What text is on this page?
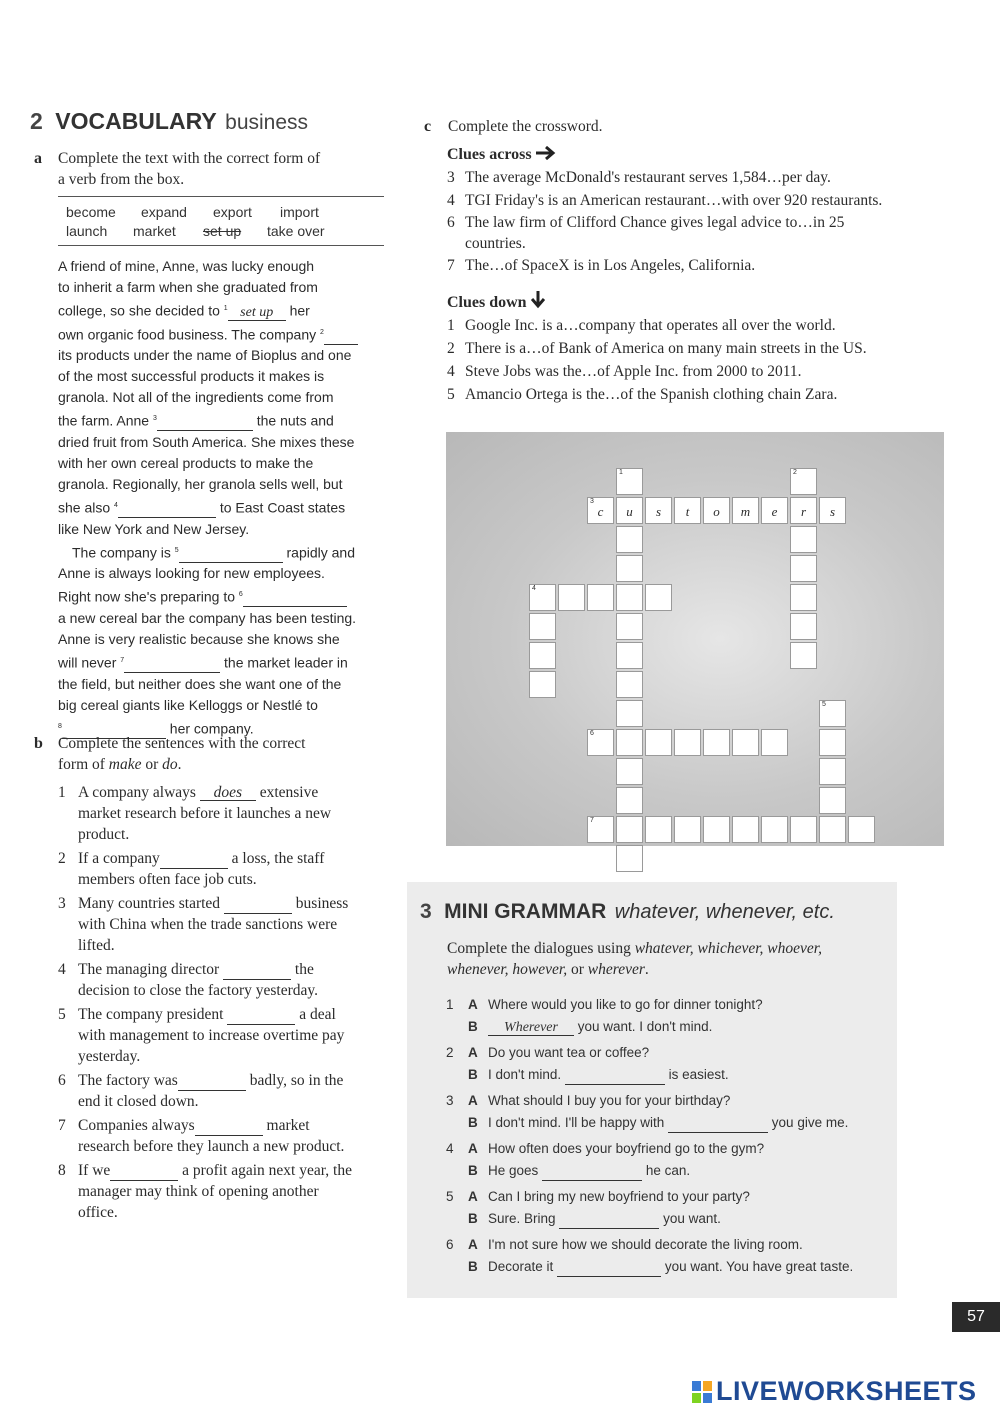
2 VOCABULARY business
a Complete the text with the correct form of
a verb from the box.
become expand export import
launch market set up take over
A friend of mine, Anne, was lucky enough
to inherit a farm when she graduated from
college, so she decided to $^1$ set up her
own organic food business. The company $^2$
its products under the name of Bioplus and one
of the most successful products it makes is
granola. Not all of the ingredients come from
the farm. Anne $^3$	the nuts and
dried fruit from South America. She mixes these
with her own cereal products to make the
granola. Regionally, her granola sells well, but
she also $^4$	to East Coast states
like New York and New Jersey.
The company is $^5$	rapidly and
Anne is always looking for new employees.
Right now she's preparing to $^6$
a new cereal bar the company has been testing.
Anne is very realistic because she knows she
will never $^7$	the market leader in
the field, but neither does she want one of the
big cereal giants like Kelloggs or Nestlé to
$^8$	her company.
b Complete the sentences with the correct
form of make or do.
1 A company always does extensive
market research before it launches a new
product.
2 If a company	a loss, the staff
members often face job cuts.
3 Many countries started	business
with China when the trade sanctions were
lifted.
4 The managing director	the
decision to close the factory yesterday.
5 The company president	a deal
with management to increase overtime pay
yesterday.
6 The factory was	badly, so in the
end it closed down.
7 Companies always	market
research before they launch a new product.
8 If we	a profit again next year, the
manager may think of opening another
office.
c Complete the crossword.
Clues across
3 The average McDonald's restaurant serves 1,584…per day.
4 TGI Friday's is an American restaurant…with over 920 restaurants.
6 The law firm of Clifford Chance gives legal advice to…in 25
countries.
7 The…of SpaceX is in Los Angeles, California.
Clues down
1 Google Inc. is a…company that operates all over the world.
2 There is a…of Bank of America on many main streets in the US.
4 Steve Jobs was the…of Apple Inc. from 2000 to 2011.
5 Amancio Ortega is the…of the Spanish clothing chain Zara.
3
c	u	s	t	o	m	e	r	s
1	2
4
6
5
7
3 MINI GRAMMAR whatever, whenever, etc.
Complete the dialogues using whatever, whichever, whoever,
whenever, however, or wherever.
1 A Where would you like to go for dinner tonight?
B Wherever you want. I don't mind.
2 A Do you want tea or coffee?
B I don't mind.	is easiest.
3 A What should I buy you for your birthday?
B I don't mind. I'll be happy with	you give me.
4 A How often does your boyfriend go to the gym?
B He goes	he can.
5 A Can I bring my new boyfriend to your party?
B Sure. Bring	you want.
6 A I'm not sure how we should decorate the living room.
B Decorate it	you want. You have great taste.
57
LIVEWORKSHEETS
